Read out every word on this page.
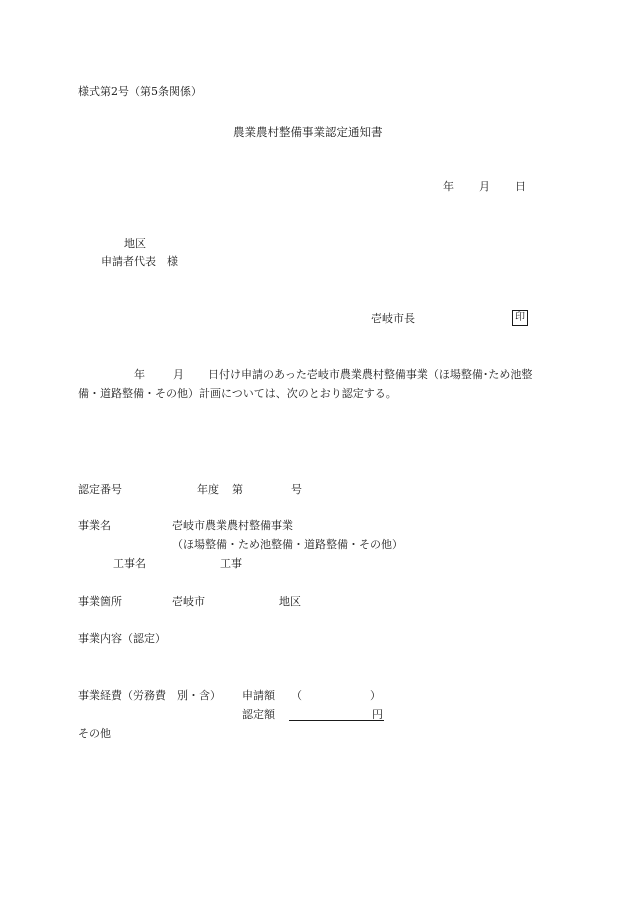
様式第2号（第5条関係）
農業農村整備事業認定通知書
年 月 日
地区
申請者代表　様
壱岐市長	印
年	月 日付け申請のあった壱岐市農業農村整備事業（ほ場整備･ため池整
備・道路整備・その他）計画については、次のとおり認定する。
認定番号	年度 第	号
事業名	壱岐市農業農村整備事業
（ほ場整備・ため池整備・道路整備・その他）
工事名	工事
事業箇所	壱岐市	地区
事業内容（認定）
事業経費（労務費　別・含） 申請額 （	）
認定額	円
その他
